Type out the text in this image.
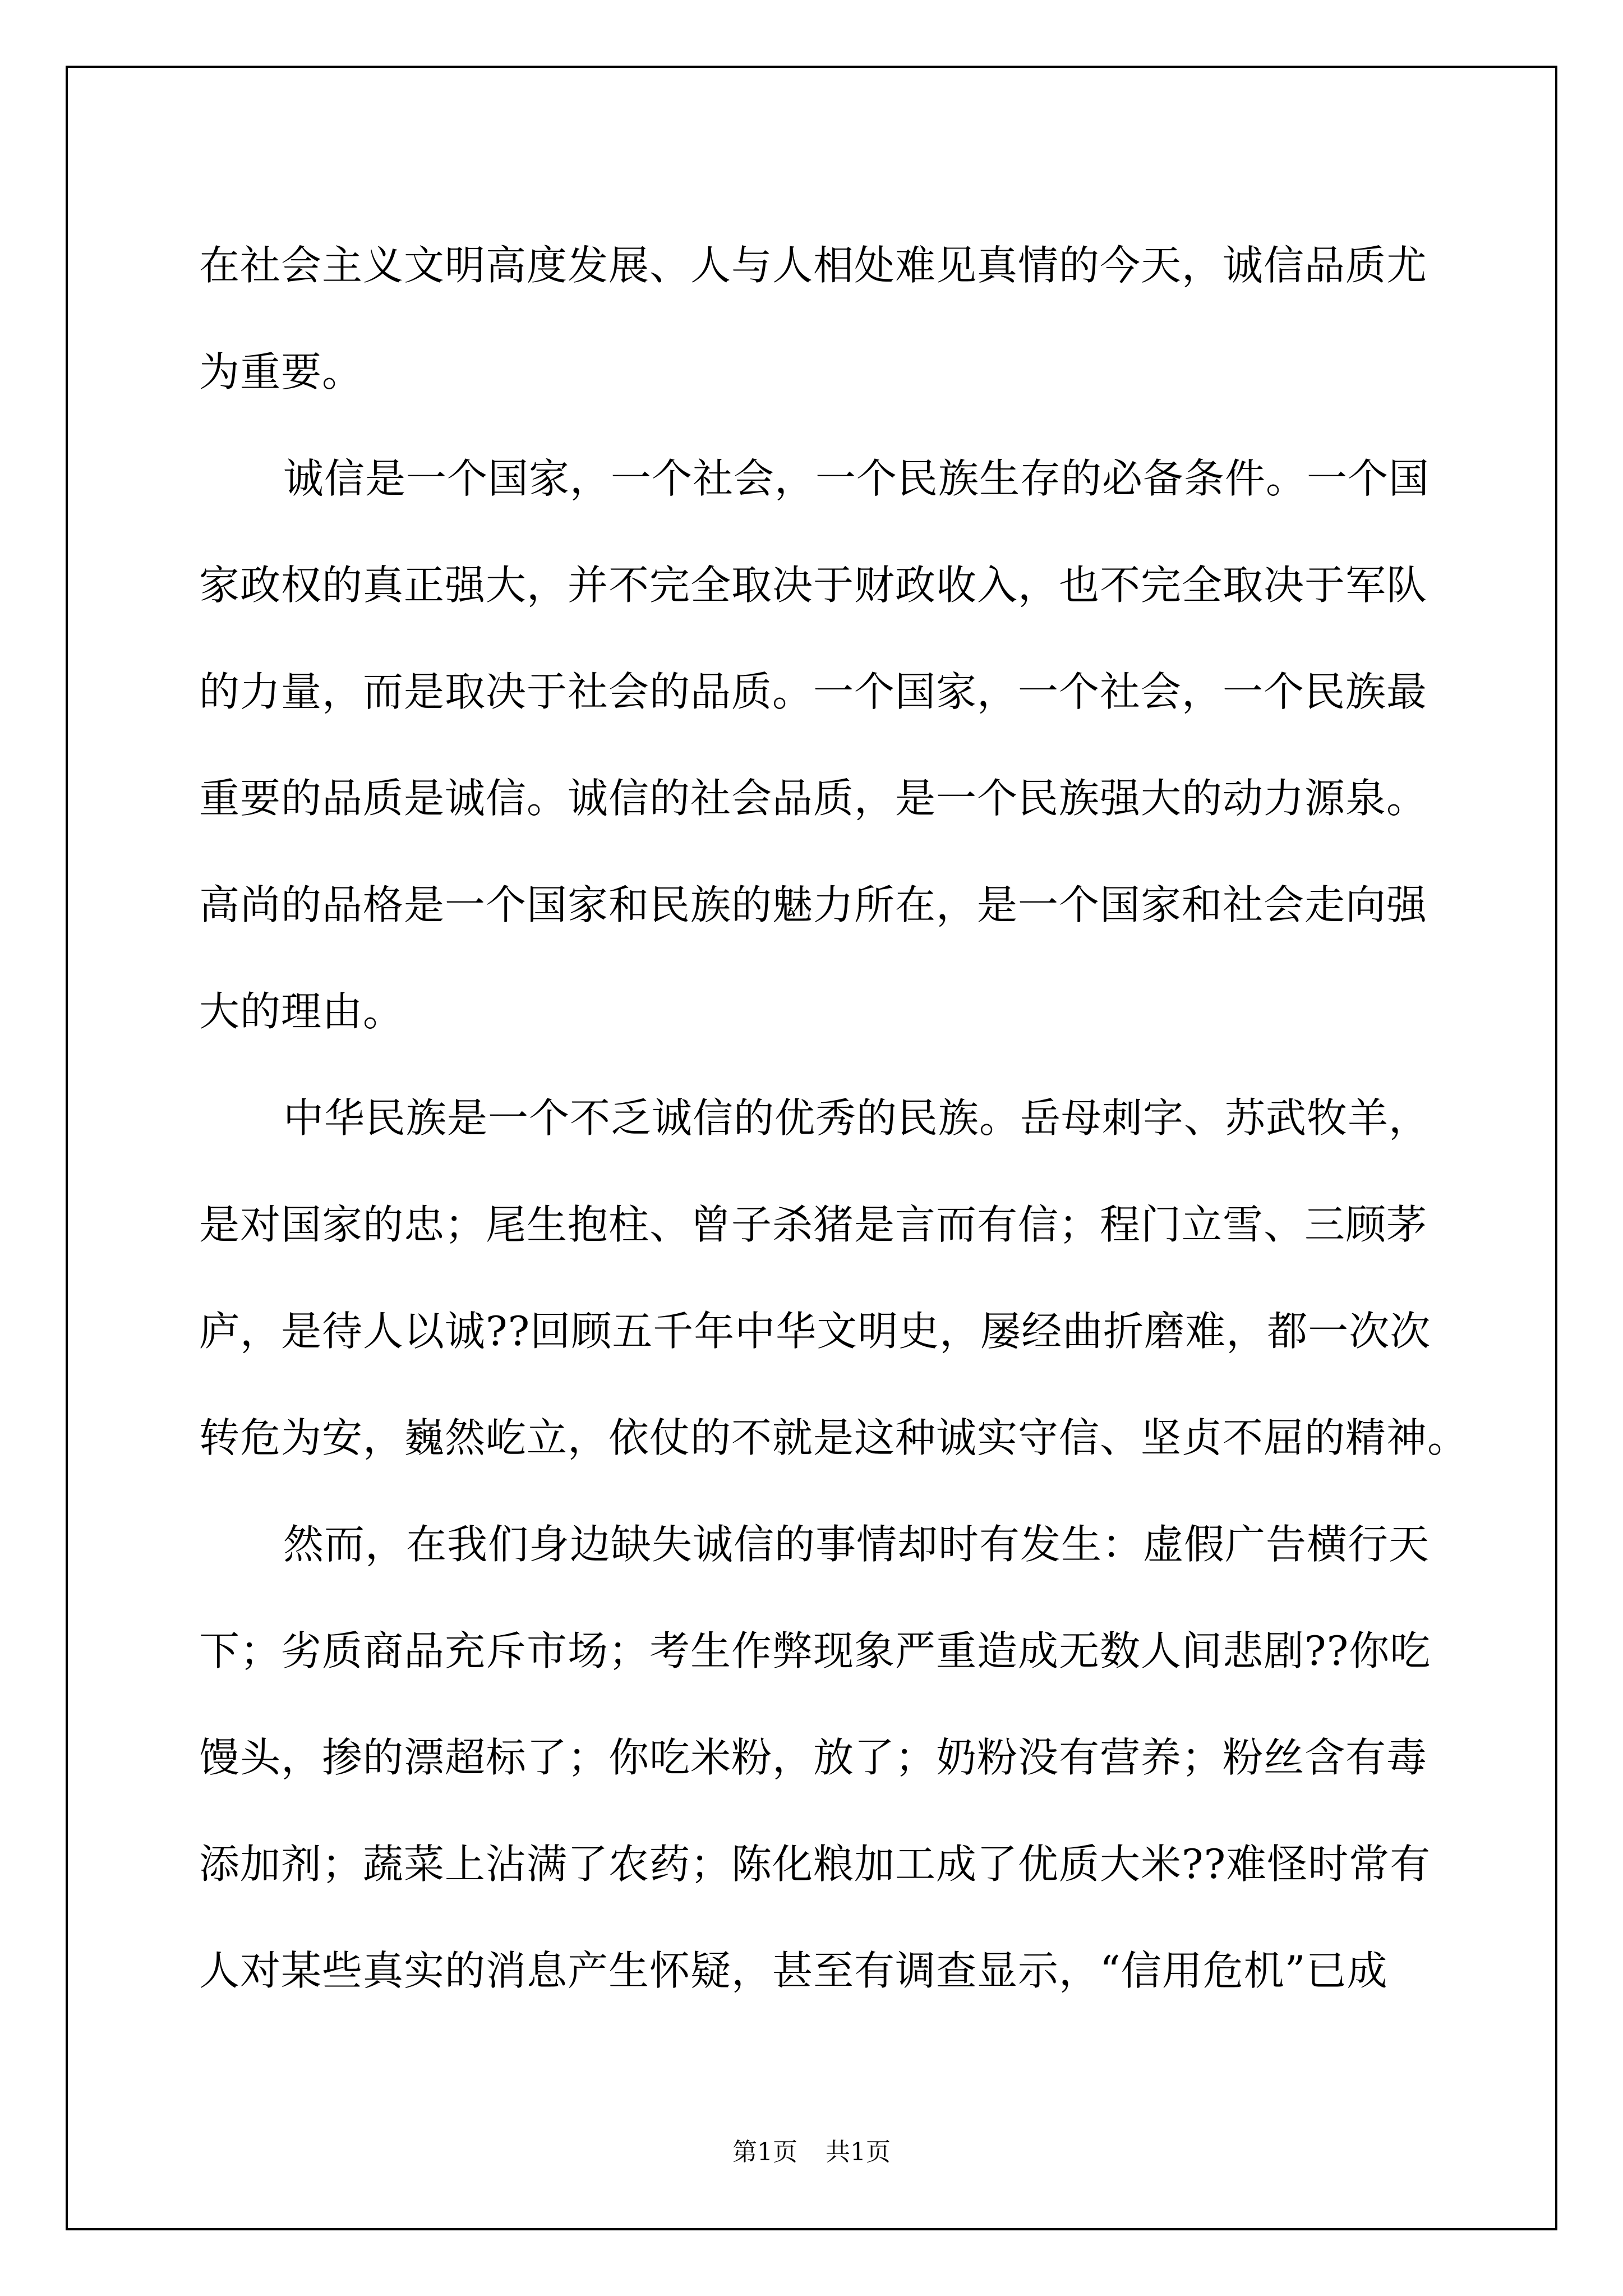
在社会主义文明高度发展、人与人相处难见真情的今天，诚信品质尤
为重要。
诚信是一个国家，一个社会，一个民族生存的必备条件。一个国
家政权的真正强大，并不完全取决于财政收入，也不完全取决于军队
的力量，而是取决于社会的品质。一个国家，一个社会，一个民族最
重要的品质是诚信。诚信的社会品质，是一个民族强大的动力源泉。
高尚的品格是一个国家和民族的魅力所在，是一个国家和社会走向强
大的理由。
中华民族是一个不乏诚信的优秀的民族。岳母刺字、苏武牧羊，
是对国家的忠；尾生抱柱、曾子杀猪是言而有信；程门立雪、三顾茅
庐，是待人以诚??回顾五千年中华文明史，屡经曲折磨难，都一次次
转危为安，巍然屹立，依仗的不就是这种诚实守信、坚贞不屈的精神。
然而，在我们身边缺失诚信的事情却时有发生：虚假广告横行天
下；劣质商品充斥市场；考生作弊现象严重造成无数人间悲剧??你吃
馒头，掺的漂超标了；你吃米粉，放了；奶粉没有营养；粉丝含有毒
添加剂；蔬菜上沾满了农药；陈化粮加工成了优质大米??难怪时常有
人对某些真实的消息产生怀疑，甚至有调查显示，“信用危机”已成
第1页 共1页
